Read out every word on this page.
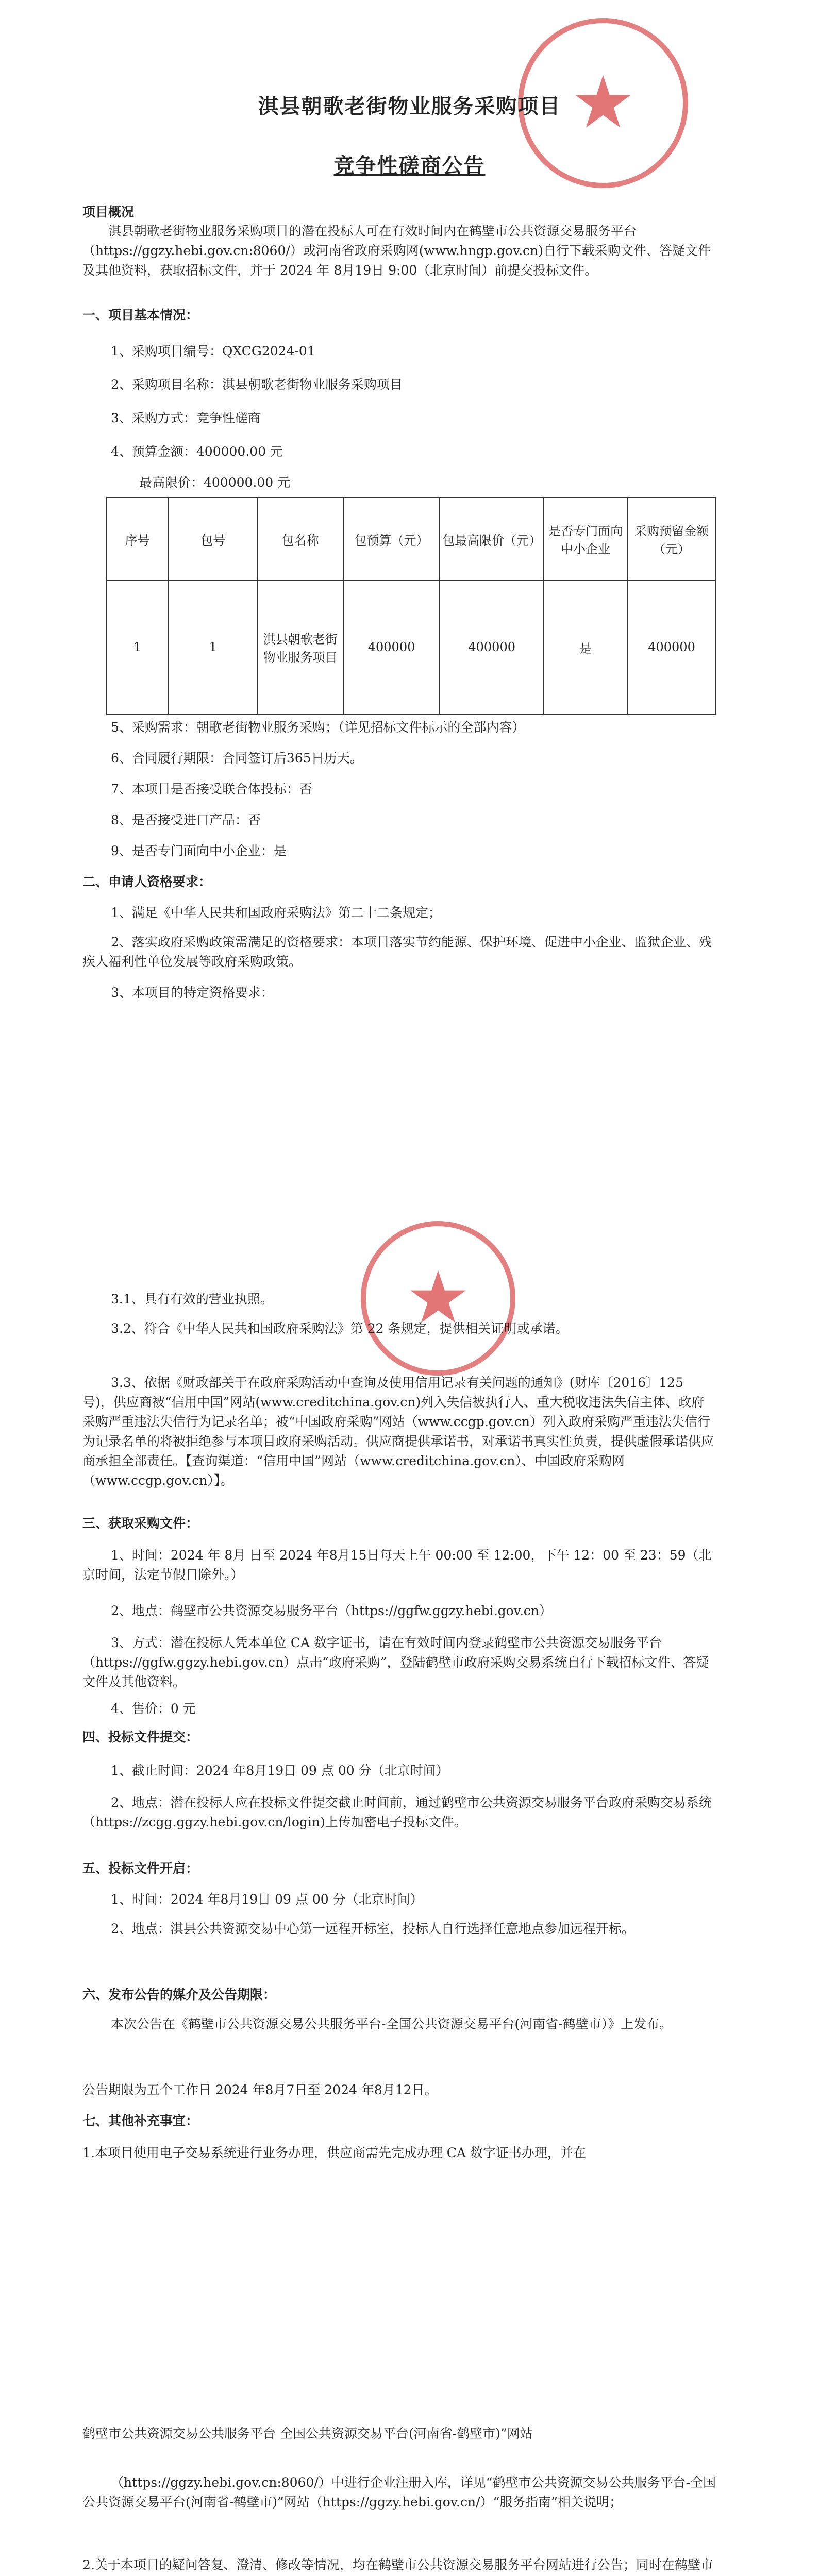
★
★
淇县朝歌老街物业服务采购项目
竞争性磋商公告
项目概况
淇县朝歌老街物业服务采购项目的潜在投标人可在有效时间内在鹤壁市公共资源交易服务平台（https://ggzy.hebi.gov.cn:8060/）或河南省政府采购网(www.hngp.gov.cn)自行下载采购文件、答疑文件及其他资料，获取招标文件，并于 2024 年 8月19日 9:00（北京时间）前提交投标文件。
一、项目基本情况：
1、采购项目编号：QXCG2024-01
2、采购项目名称：淇县朝歌老街物业服务采购项目
3、采购方式：竞争性磋商
4、预算金额：400000.00 元
最高限价：400000.00 元
序号	包号	包名称	包预算（元）	包最高限价（元）	是否专门面向中小企业	采购预留金额（元）
1	1	淇县朝歌老街物业服务项目	400000	400000	是	400000
5、采购需求：朝歌老街物业服务采购；（详见招标文件标示的全部内容）
6、合同履行期限：合同签订后365日历天。
7、本项目是否接受联合体投标：否
8、是否接受进口产品：否
9、是否专门面向中小企业：是
二、申请人资格要求：
1、满足《中华人民共和国政府采购法》第二十二条规定；
2、落实政府采购政策需满足的资格要求：本项目落实节约能源、保护环境、促进中小企业、监狱企业、残疾人福利性单位发展等政府采购政策。
3、本项目的特定资格要求：
3.1、具有有效的营业执照。
3.2、符合《中华人民共和国政府采购法》第 22 条规定，提供相关证明或承诺。
3.3、依据《财政部关于在政府采购活动中查询及使用信用记录有关问题的通知》(财库〔2016〕125 号)，供应商被“信用中国”网站(www.creditchina.gov.cn)列入失信被执行人、重大税收违法失信主体、政府采购严重违法失信行为记录名单；被“中国政府采购”网站（www.ccgp.gov.cn）列入政府采购严重违法失信行为记录名单的将被拒绝参与本项目政府采购活动。供应商提供承诺书，对承诺书真实性负责，提供虚假承诺供应商承担全部责任。【查询渠道：“信用中国”网站（www.creditchina.gov.cn）、中国政府采购网（www.ccgp.gov.cn）】。
三、获取采购文件：
1、时间：2024 年 8月 日至 2024 年8月15日每天上午 00:00 至 12:00，下午 12：00 至 23：59（北京时间，法定节假日除外。）
2、地点：鹤壁市公共资源交易服务平台（https://ggfw.ggzy.hebi.gov.cn）
3、方式：潜在投标人凭本单位 CA 数字证书，请在有效时间内登录鹤壁市公共资源交易服务平台（https://ggfw.ggzy.hebi.gov.cn）点击“政府采购”，登陆鹤壁市政府采购交易系统自行下载招标文件、答疑文件及其他资料。
4、售价：0 元
四、投标文件提交：
1、截止时间：2024 年8月19日 09 点 00 分（北京时间）
2、地点：潜在投标人应在投标文件提交截止时间前，通过鹤壁市公共资源交易服务平台政府采购交易系统（https://zcgg.ggzy.hebi.gov.cn/login)上传加密电子投标文件。
五、投标文件开启：
1、时间：2024 年8月19日 09 点 00 分（北京时间）
2、地点：淇县公共资源交易中心第一远程开标室，投标人自行选择任意地点参加远程开标。
六、发布公告的媒介及公告期限：
本次公告在《鹤壁市公共资源交易公共服务平台-全国公共资源交易平台(河南省-鹤壁市）》上发布。
公告期限为五个工作日 2024 年8月7日至 2024 年8月12日。
七、其他补充事宜：
1.本项目使用电子交易系统进行业务办理，供应商需先完成办理 CA 数字证书办理，并在
鹤壁市公共资源交易公共服务平台 全国公共资源交易平台(河南省-鹤壁市)”网站
（https://ggzy.hebi.gov.cn:8060/）中进行企业注册入库，详见“鹤壁市公共资源交易公共服务平台-全国公共资源交易平台(河南省-鹤壁市)”网站（https://ggzy.hebi.gov.cn/）“服务指南”相关说明；
2.关于本项目的疑问答复、澄清、修改等情况，均在鹤壁市公共资源交易服务平台网站进行公告；同时在鹤壁市
